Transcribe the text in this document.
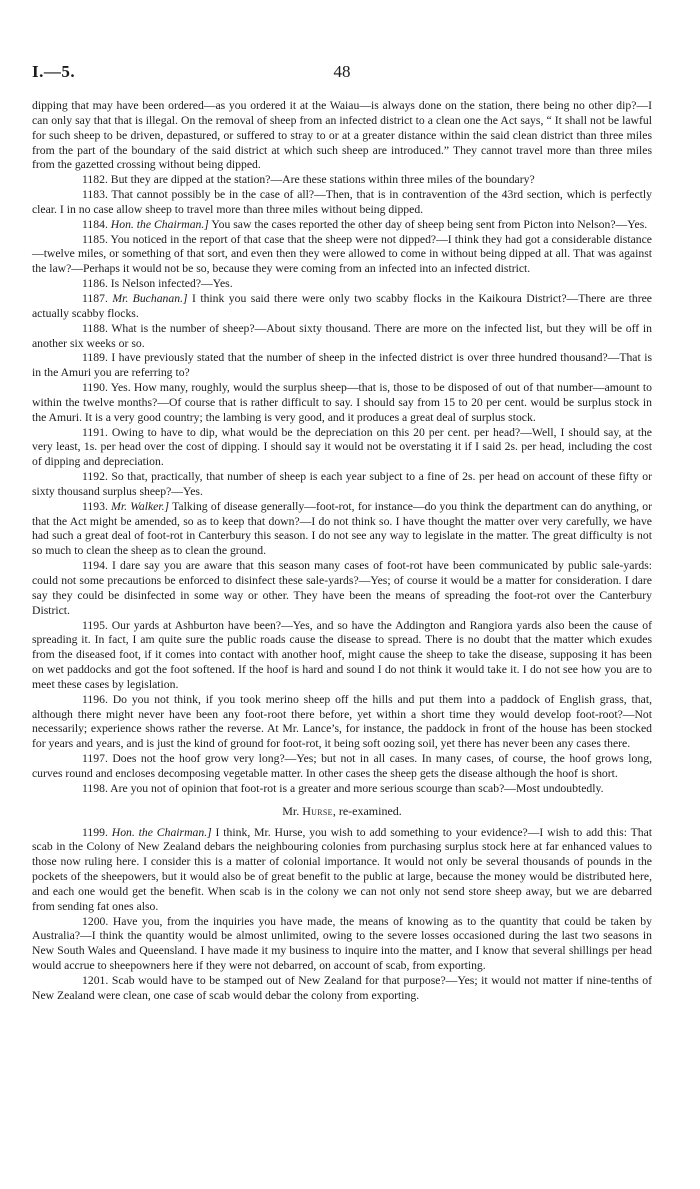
I.—5.	48

dipping that may have been ordered—as you ordered it at the Waiau—is always done on the station, there being no other dip?—I can only say that that is illegal. On the removal of sheep from an infected district to a clean one the Act says, “ It shall not be lawful for such sheep to be driven, depastured, or suffered to stray to or at a greater distance within the said clean district than three miles from the part of the boundary of the said district at which such sheep are introduced.” They cannot travel more than three miles from the gazetted crossing without being dipped.

1182. But they are dipped at the station?—Are these stations within three miles of the boundary?

1183. That cannot possibly be in the case of all?—Then, that is in contravention of the 43rd section, which is perfectly clear. I in no case allow sheep to travel more than three miles without being dipped.

1184. Hon. the Chairman.] You saw the cases reported the other day of sheep being sent from Picton into Nelson?—Yes.

1185. You noticed in the report of that case that the sheep were not dipped?—I think they had got a considerable distance—twelve miles, or something of that sort, and even then they were allowed to come in without being dipped at all. That was against the law?—Perhaps it would not be so, because they were coming from an infected into an infected district.

1186. Is Nelson infected?—Yes.

1187. Mr. Buchanan.] I think you said there were only two scabby flocks in the Kaikoura District?—There are three actually scabby flocks.

1188. What is the number of sheep?—About sixty thousand. There are more on the infected list, but they will be off in another six weeks or so.

1189. I have previously stated that the number of sheep in the infected district is over three hundred thousand?—That is in the Amuri you are referring to?

1190. Yes. How many, roughly, would the surplus sheep—that is, those to be disposed of out of that number—amount to within the twelve months?—Of course that is rather difficult to say. I should say from 15 to 20 per cent. would be surplus stock in the Amuri. It is a very good country; the lambing is very good, and it produces a great deal of surplus stock.

1191. Owing to have to dip, what would be the depreciation on this 20 per cent. per head?—Well, I should say, at the very least, 1s. per head over the cost of dipping. I should say it would not be overstating it if I said 2s. per head, including the cost of dipping and depreciation.

1192. So that, practically, that number of sheep is each year subject to a fine of 2s. per head on account of these fifty or sixty thousand surplus sheep?—Yes.

1193. Mr. Walker.] Talking of disease generally—foot-rot, for instance—do you think the department can do anything, or that the Act might be amended, so as to keep that down?—I do not think so. I have thought the matter over very carefully, we have had such a great deal of foot-rot in Canterbury this season. I do not see any way to legislate in the matter. The great difficulty is not so much to clean the sheep as to clean the ground.

1194. I dare say you are aware that this season many cases of foot-rot have been communicated by public sale-yards: could not some precautions be enforced to disinfect these sale-yards?—Yes; of course it would be a matter for consideration. I dare say they could be disinfected in some way or other. They have been the means of spreading the foot-rot over the Canterbury District.

1195. Our yards at Ashburton have been?—Yes, and so have the Addington and Rangiora yards also been the cause of spreading it. In fact, I am quite sure the public roads cause the disease to spread. There is no doubt that the matter which exudes from the diseased foot, if it comes into contact with another hoof, might cause the sheep to take the disease, supposing it has been on wet paddocks and got the foot softened. If the hoof is hard and sound I do not think it would take it. I do not see how you are to meet these cases by legislation.

1196. Do you not think, if you took merino sheep off the hills and put them into a paddock of English grass, that, although there might never have been any foot-root there before, yet within a short time they would develop foot-root?—Not necessarily; experience shows rather the reverse. At Mr. Lance’s, for instance, the paddock in front of the house has been stocked for years and years, and is just the kind of ground for foot-rot, it being soft oozing soil, yet there has never been any cases there.

1197. Does not the hoof grow very long?—Yes; but not in all cases. In many cases, of course, the hoof grows long, curves round and encloses decomposing vegetable matter. In other cases the sheep gets the disease although the hoof is short.

1198. Are you not of opinion that foot-rot is a greater and more serious scourge than scab?—Most undoubtedly.

Mr. Hurse, re-examined.

1199. Hon. the Chairman.] I think, Mr. Hurse, you wish to add something to your evidence?—I wish to add this: That scab in the Colony of New Zealand debars the neighbouring colonies from purchasing surplus stock here at far enhanced values to those now ruling here. I consider this is a matter of colonial importance. It would not only be several thousands of pounds in the pockets of the sheepowers, but it would also be of great benefit to the public at large, because the money would be distributed here, and each one would get the benefit. When scab is in the colony we can not only not send store sheep away, but we are debarred from sending fat ones also.

1200. Have you, from the inquiries you have made, the means of knowing as to the quantity that could be taken by Australia?—I think the quantity would be almost unlimited, owing to the severe losses occasioned during the last two seasons in New South Wales and Queensland. I have made it my business to inquire into the matter, and I know that several shillings per head would accrue to sheepowners here if they were not debarred, on account of scab, from exporting.

1201. Scab would have to be stamped out of New Zealand for that purpose?—Yes; it would not matter if nine-tenths of New Zealand were clean, one case of scab would debar the colony from exporting.
